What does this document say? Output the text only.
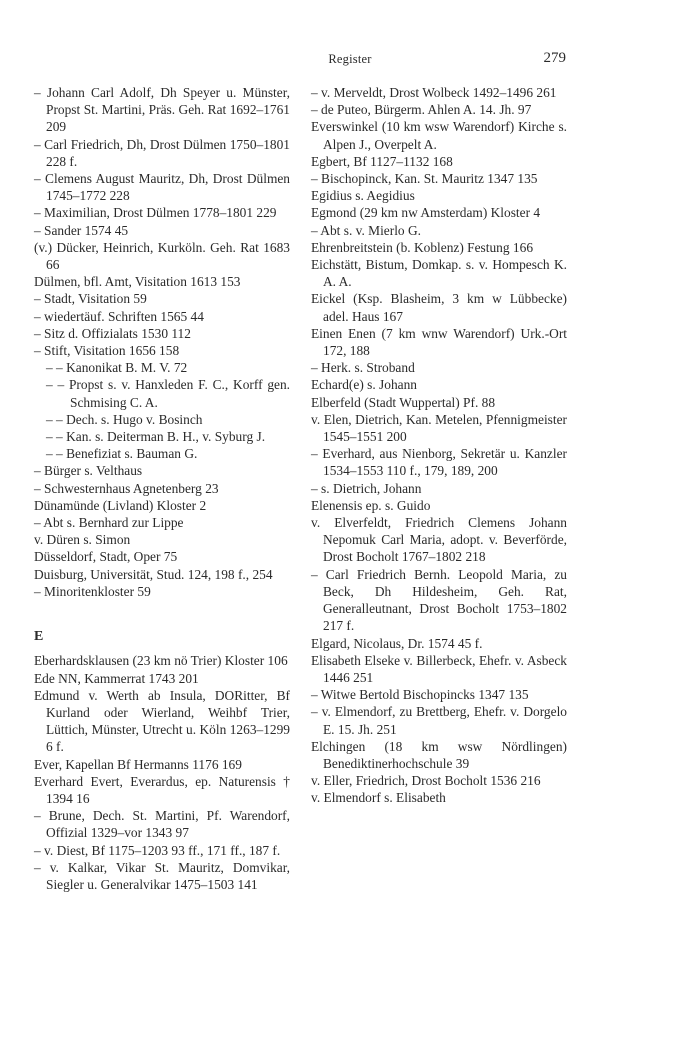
Register	279

– Johann Carl Adolf, Dh Speyer u. Münster, Propst St. Martini, Präs. Geh. Rat 1692–1761 209

– Carl Friedrich, Dh, Drost Dülmen 1750–1801 228 f.

– Clemens August Mauritz, Dh, Drost Dülmen 1745–1772 228

– Maximilian, Drost Dülmen 1778–1801 229

– Sander 1574 45

(v.) Dücker, Heinrich, Kurköln. Geh. Rat 1683 66

Dülmen, bfl. Amt, Visitation 1613 153

– Stadt, Visitation 59

– wiedertäuf. Schriften 1565 44

– Sitz d. Offizialats 1530 112

– Stift, Visitation 1656 158

– – Kanonikat B. M. V. 72

– – Propst s. v. Hanxleden F. C., Korff gen. Schmising C. A.

– – Dech. s. Hugo v. Bosinch

– – Kan. s. Deiterman B. H., v. Syburg J.

– – Benefiziat s. Bauman G.

– Bürger s. Velthaus

– Schwesternhaus Agnetenberg 23

Dünamünde (Livland) Kloster 2

– Abt s. Bernhard zur Lippe

v. Düren s. Simon

Düsseldorf, Stadt, Oper 75

Duisburg, Universität, Stud. 124, 198 f., 254

– Minoritenkloster 59

E

Eberhardsklausen (23 km nö Trier) Kloster 106

Ede NN, Kammerrat 1743 201

Edmund v. Werth ab Insula, DORitter, Bf Kurland oder Wierland, Weihbf Trier, Lüttich, Münster, Utrecht u. Köln 1263–1299 6 f.

Ever, Kapellan Bf Hermanns 1176 169

Everhard Evert, Everardus, ep. Naturensis † 1394 16

– Brune, Dech. St. Martini, Pf. Warendorf, Offizial 1329–vor 1343 97

– v. Diest, Bf 1175–1203 93 ff., 171 ff., 187 f.

– v. Kalkar, Vikar St. Mauritz, Domvikar, Siegler u. Generalvikar 1475–1503 141

– v. Merveldt, Drost Wolbeck 1492–1496 261

– de Puteo, Bürgerm. Ahlen A. 14. Jh. 97

Everswinkel (10 km wsw Warendorf) Kirche s. Alpen J., Overpelt A.

Egbert, Bf 1127–1132 168

– Bischopinck, Kan. St. Mauritz 1347 135

Egidius s. Aegidius

Egmond (29 km nw Amsterdam) Kloster 4

– Abt s. v. Mierlo G.

Ehrenbreitstein (b. Koblenz) Festung 166

Eichstätt, Bistum, Domkap. s. v. Hompesch K. A. A.

Eickel (Ksp. Blasheim, 3 km w Lübbecke) adel. Haus 167

Einen Enen (7 km wnw Warendorf) Urk.-Ort 172, 188

– Herk. s. Stroband

Echard(e) s. Johann

Elberfeld (Stadt Wuppertal) Pf. 88

v. Elen, Dietrich, Kan. Metelen, Pfennigmeister 1545–1551 200

– Everhard, aus Nienborg, Sekretär u. Kanzler 1534–1553 110 f., 179, 189, 200

– s. Dietrich, Johann

Elenensis ep. s. Guido

v. Elverfeldt, Friedrich Clemens Johann Nepomuk Carl Maria, adopt. v. Beverförde, Drost Bocholt 1767–1802 218

– Carl Friedrich Bernh. Leopold Maria, zu Beck, Dh Hildesheim, Geh. Rat, Generalleutnant, Drost Bocholt 1753–1802 217 f.

Elgard, Nicolaus, Dr. 1574 45 f.

Elisabeth Elseke v. Billerbeck, Ehefr. v. Asbeck 1446 251

– Witwe Bertold Bischopincks 1347 135

– v. Elmendorf, zu Brettberg, Ehefr. v. Dorgelo E. 15. Jh. 251

Elchingen (18 km wsw Nördlingen) Benediktinerhochschule 39

v. Eller, Friedrich, Drost Bocholt 1536 216

v. Elmendorf s. Elisabeth
